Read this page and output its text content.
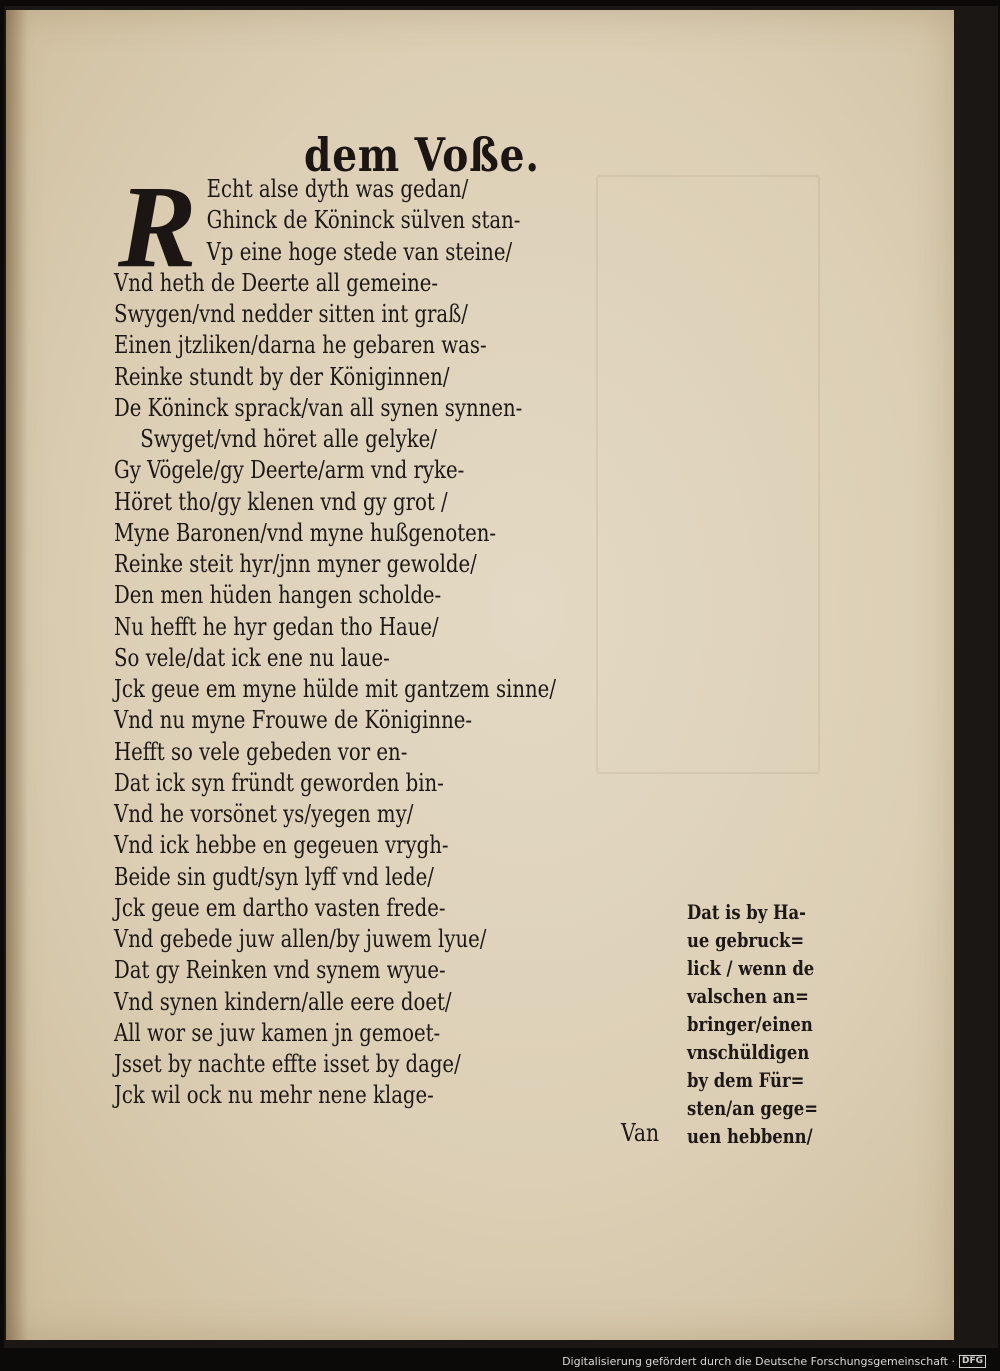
dem Voße.
R Echt alse dyth was gedan/
Ghinck de Köninck sülven stan-
Vp eine hoge stede van steine/
Vnd heth de Deerte all gemeine-
Swygen/vnd nedder sitten int graß/
Einen jtzliken/darna he gebaren was-
Reinke stundt by der Königinnen/
De Köninck sprack/van all synen synnen-
Swyget/vnd höret alle gelyke/
Gy Vögele/gy Deerte/arm vnd ryke-
Höret tho/gy klenen vnd gy grot /
Myne Baronen/vnd myne hußgenoten-
Reinke steit hyr/jnn myner gewolde/
Den men hüden hangen scholde-
Nu hefft he hyr gedan tho Haue/
So vele/dat ick ene nu laue-
Jck geue em myne hülde mit gantzem sinne/
Vnd nu myne Frouwe de Königinne-
Hefft so vele gebeden vor en-
Dat ick syn fründt geworden bin-
Vnd he vorsönet ys/yegen my/
Vnd ick hebbe en gegeuen vrygh-
Beide sin gudt/syn lyff vnd lede/
Jck geue em dartho vasten frede-
Vnd gebede juw allen/by juwem lyue/
Dat gy Reinken vnd synem wyue-
Vnd synen kindern/alle eere doet/
All wor se juw kamen jn gemoet-
Jsset by nachte effte isset by dage/
Jck wil ock nu mehr nene klage-
Dat is by Ha-
ue gebruck=
lick / wenn de
valschen an=
bringer/einen
vnschüldigen
by dem Für=
sten/an gege=
uen hebbenn/
Van
Digitalisierung gefördert durch die Deutsche Forschungsgemeinschaft · DFG
